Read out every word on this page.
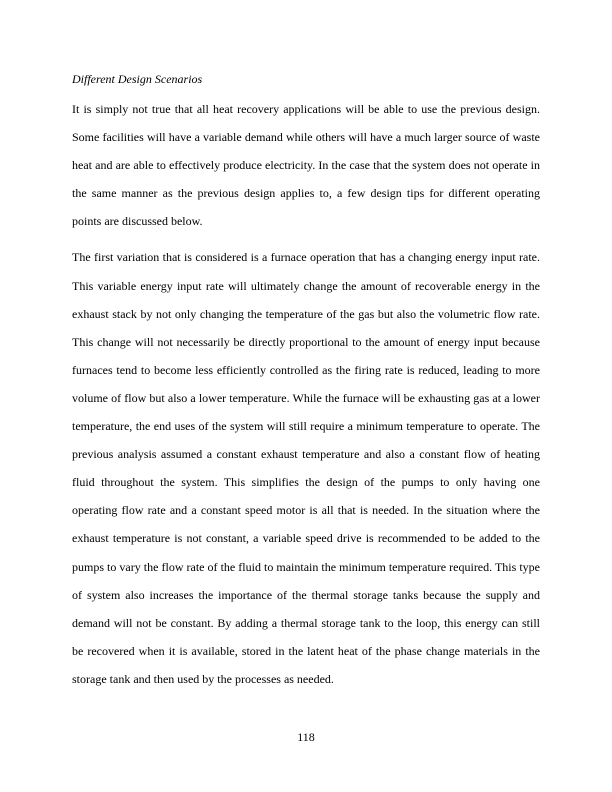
Different Design Scenarios

It is simply not true that all heat recovery applications will be able to use the previous design. Some facilities will have a variable demand while others will have a much larger source of waste heat and are able to effectively produce electricity. In the case that the system does not operate in the same manner as the previous design applies to, a few design tips for different operating points are discussed below.

The first variation that is considered is a furnace operation that has a changing energy input rate. This variable energy input rate will ultimately change the amount of recoverable energy in the exhaust stack by not only changing the temperature of the gas but also the volumetric flow rate. This change will not necessarily be directly proportional to the amount of energy input because furnaces tend to become less efficiently controlled as the firing rate is reduced, leading to more volume of flow but also a lower temperature. While the furnace will be exhausting gas at a lower temperature, the end uses of the system will still require a minimum temperature to operate. The previous analysis assumed a constant exhaust temperature and also a constant flow of heating fluid throughout the system. This simplifies the design of the pumps to only having one operating flow rate and a constant speed motor is all that is needed. In the situation where the exhaust temperature is not constant, a variable speed drive is recommended to be added to the pumps to vary the flow rate of the fluid to maintain the minimum temperature required. This type of system also increases the importance of the thermal storage tanks because the supply and demand will not be constant. By adding a thermal storage tank to the loop, this energy can still be recovered when it is available, stored in the latent heat of the phase change materials in the storage tank and then used by the processes as needed.

118
